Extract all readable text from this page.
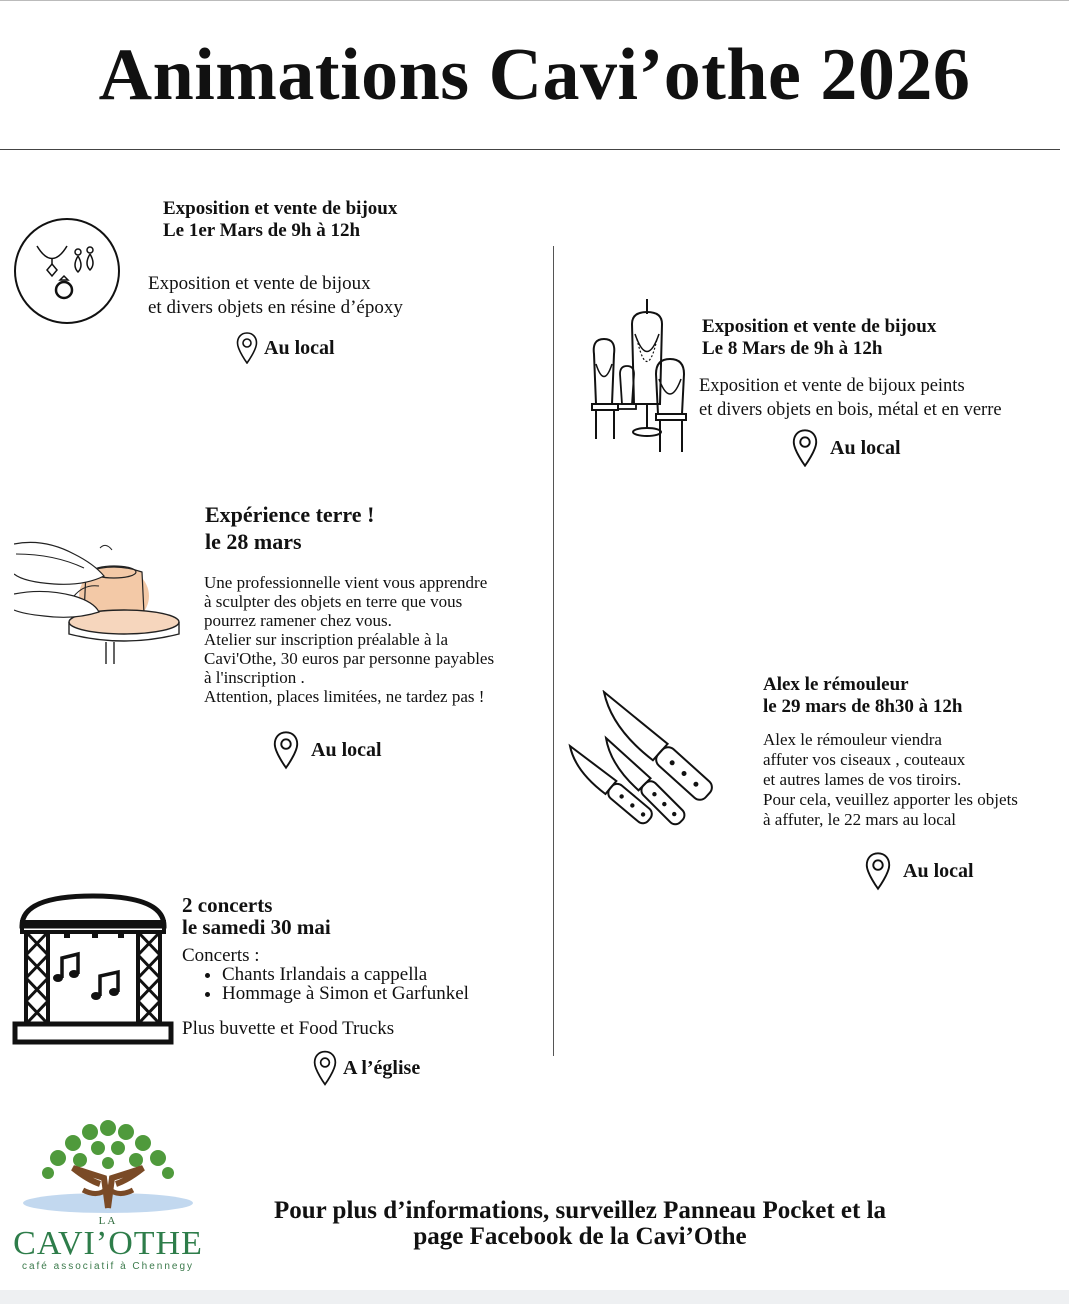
Animations Cavi’othe 2026
Exposition et vente de bijoux
Le 1er Mars de 9h à 12h
Exposition et vente de bijoux
et divers objets en résine d’époxy
Au local
Exposition et vente de bijoux
Le 8 Mars de 9h à 12h
Exposition et vente de bijoux peints
et divers objets en bois, métal et en verre
Au local
Expérience terre !
le 28 mars
Une professionnelle vient vous apprendre
à sculpter des objets en terre que vous
pourrez ramener chez vous.
Atelier sur inscription préalable à la
Cavi'Othe, 30 euros par personne payables
à l'inscription .
Attention, places limitées, ne tardez pas !
Au local
Alex le rémouleur
le 29 mars de 8h30 à 12h
Alex le rémouleur viendra
affuter vos ciseaux , couteaux
et autres lames de vos tiroirs.
Pour cela, veuillez apporter les objets
à affuter, le 22 mars au local
Au local
2 concerts
le samedi 30 mai
Concerts :
• Chants Irlandais a cappella
• Hommage à Simon et Garfunkel
Plus buvette et Food Trucks
A l’église
LA
CAVI’OTHE
café associatif à Chennegy
Pour plus d’informations, surveillez Panneau Pocket et la
page Facebook de la Cavi’Othe
